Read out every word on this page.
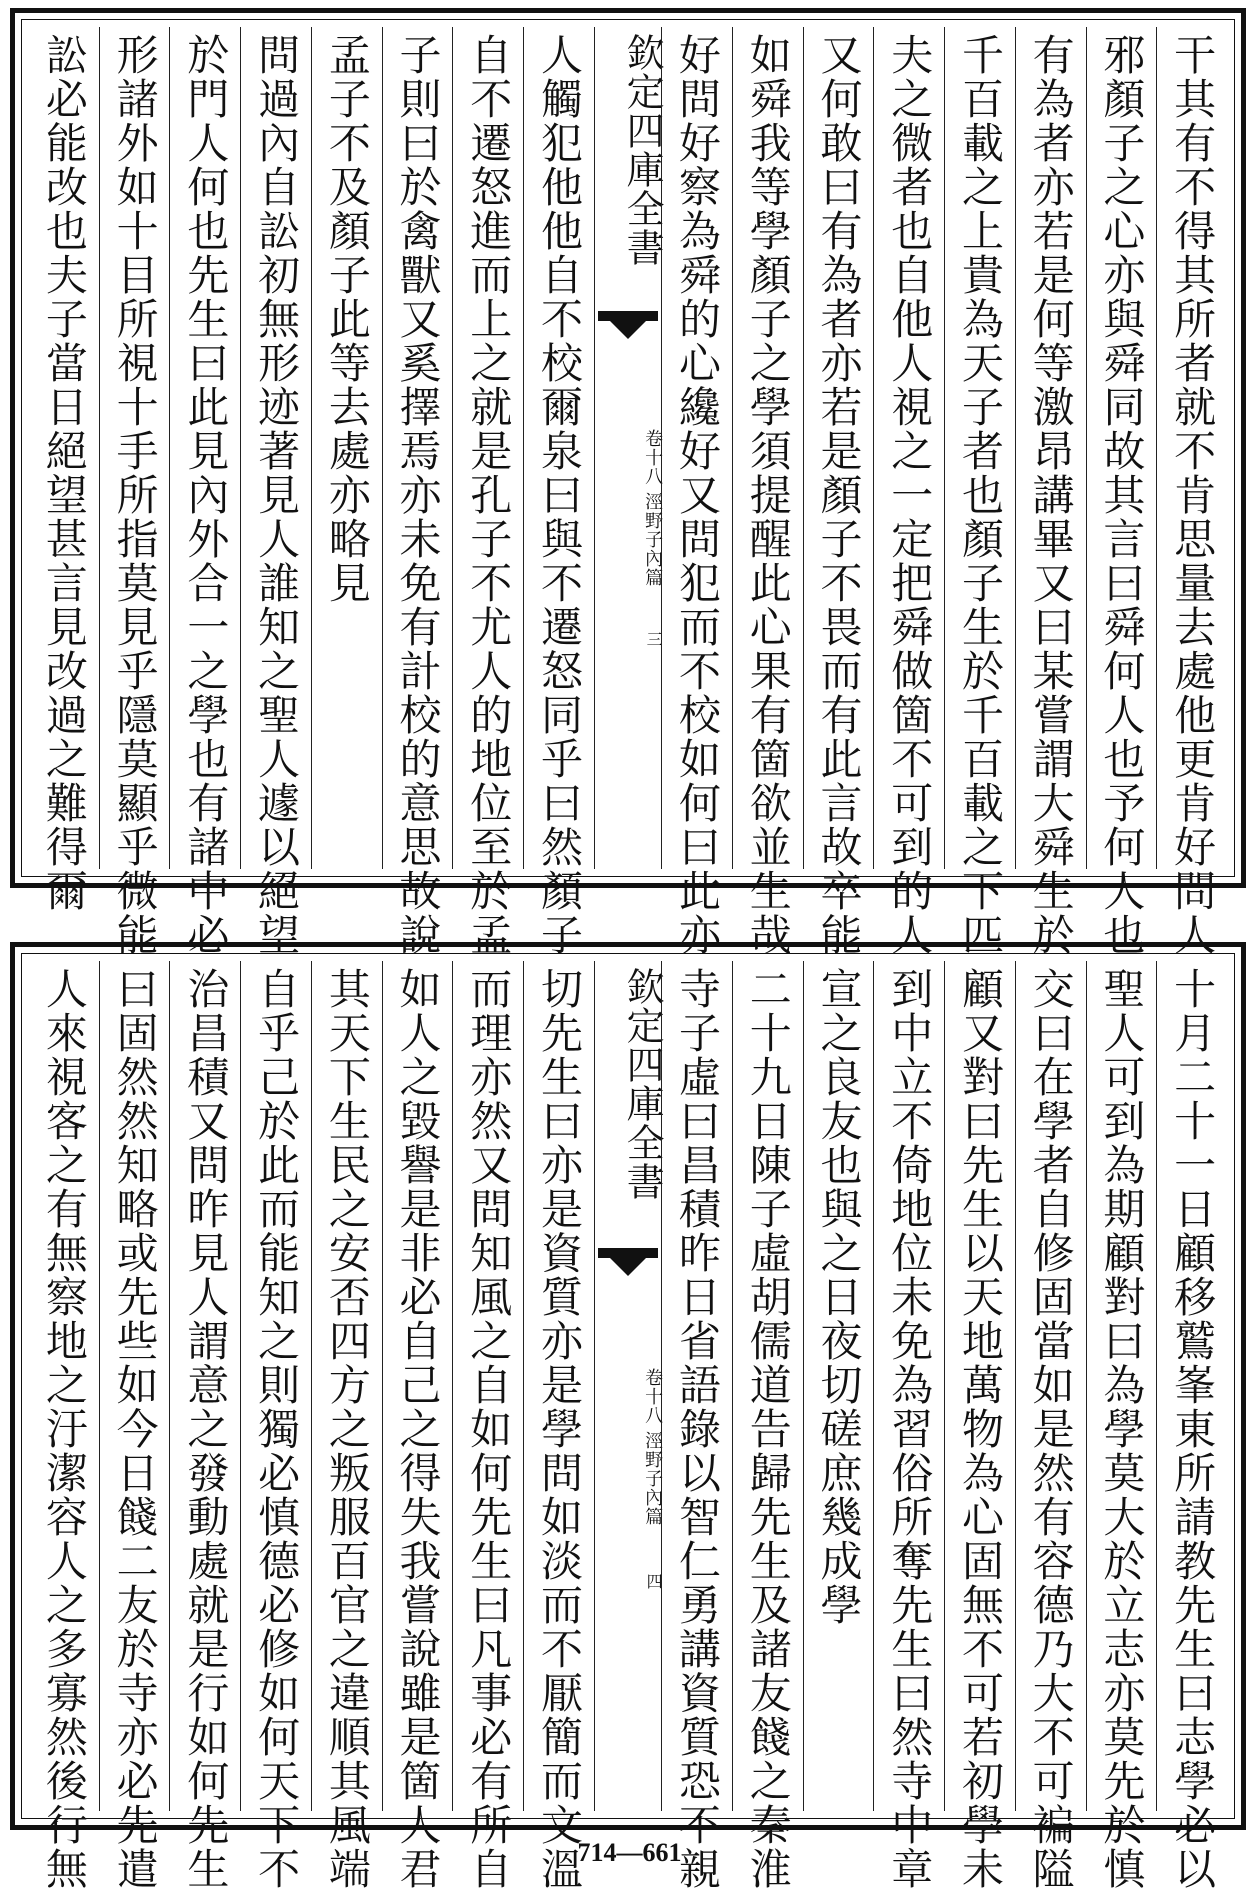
干其有不得其所者就不肯思量去處他更肯好問人
邪顏子之心亦與舜同故其言曰舜何人也予何人也
有為者亦若是何等激昂講畢又曰某嘗謂大舜生於
千百載之上貴為天子者也顏子生於千百載之下匹
夫之微者也自他人視之一定把舜做箇不可到的人
又何敢曰有為者亦若是顏子不畏而有此言故卒能
如舜我等學顏子之學須提醒此心果有箇欲並生哉
好問好察為舜的心纔好又問犯而不校如何曰此亦
欽定四庫全書
涇野子內篇
卷十八
三
人觸犯他他自不校爾泉曰與不遷怒同乎曰然顏子
自不遷怒進而上之就是孔子不尤人的地位至於孟
子則曰於禽獸又奚擇焉亦未免有計校的意思故說
孟子不及顏子此等去處亦略見
問過內自訟初無形迹著見人誰知之聖人遽以絕望
於門人何也先生曰此見內外合一之學也有諸中必
形諸外如十目所視十手所指莫見乎隱莫顯乎微能
訟必能改也夫子當日絕望甚言見改過之難得爾
十月二十一日顧移鷲峯東所請教先生曰志學必以
聖人可到為期顧對曰為學莫大於立志亦莫先於慎
交曰在學者自修固當如是然有容德乃大不可褊隘
顧又對曰先生以天地萬物為心固無不可若初學未
到中立不倚地位未免為習俗所奪先生曰然寺中章
宣之良友也與之日夜切磋庶幾成學
二十九日陳子虛胡儒道告歸先生及諸友餞之秦淮
寺子虛曰昌積昨日省語錄以智仁勇講資質恐不親
欽定四庫全書
涇野子內篇
卷十八
四
切先生曰亦是資質亦是學問如淡而不厭簡而文溫
而理亦然又問知風之自如何先生曰凡事必有所自
如人之毀譽是非必自己之得失我嘗說雖是箇人君
其天下生民之安否四方之叛服百官之違順其風端
自乎己於此而能知之則獨必慎德必修如何天下不
治昌積又問昨見人謂意之發動處就是行如何先生
曰固然然知略或先些如今日餞二友於寺亦必先遣
人來視客之有無察地之汙潔容人之多寡然後行無	714—661
